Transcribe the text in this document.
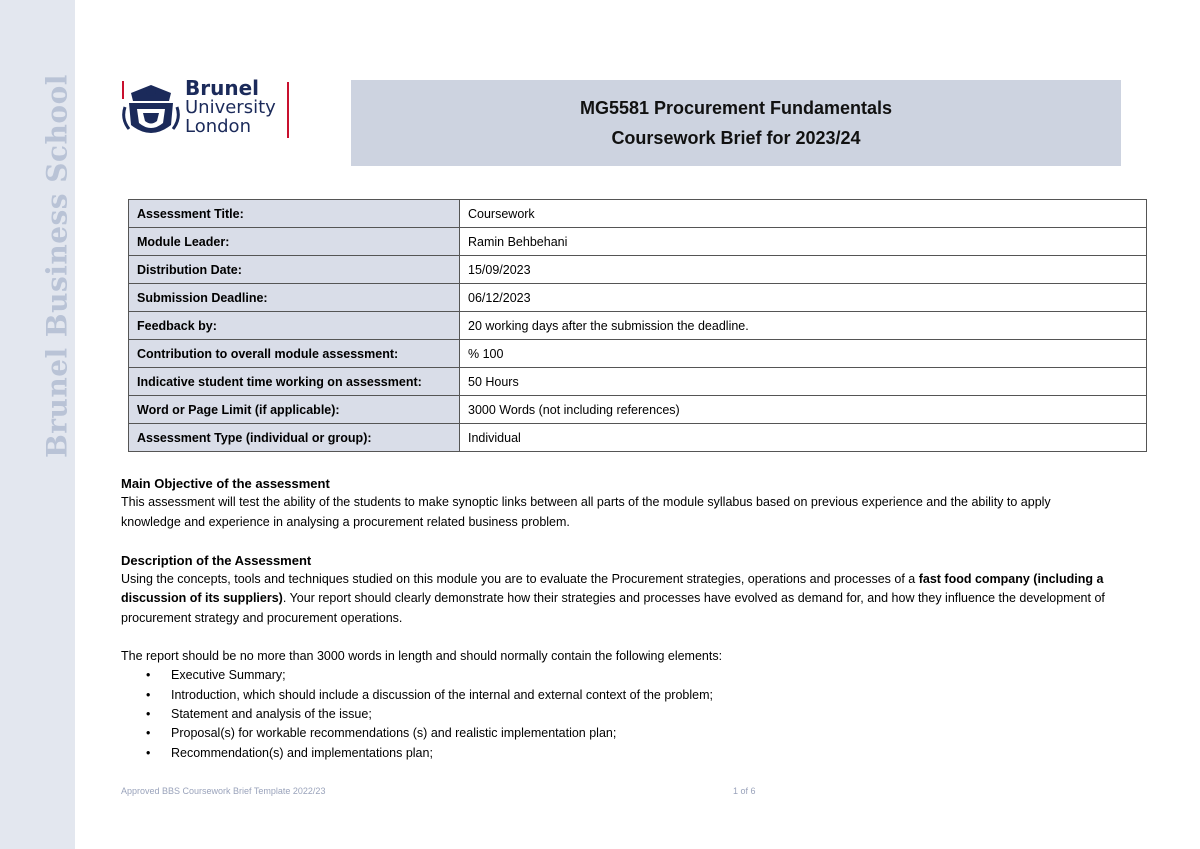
Brunel Business School	Brunel
University
London
MG5581 Procurement Fundamentals
Coursework Brief for 2023/24
Assessment Title:	Coursework
Module Leader:	Ramin Behbehani
Distribution Date:	15/09/2023
Submission Deadline:	06/12/2023
Feedback by:	20 working days after the submission the deadline.
Contribution to overall module assessment:	% 100
Indicative student time working on assessment:	50 Hours
Word or Page Limit (if applicable):	3000 Words (not including references)
Assessment Type (individual or group):	Individual
Main Objective of the assessment

This assessment will test the ability of the students to make synoptic links between all parts of the module syllabus based on previous experience and the ability to apply knowledge and experience in analysing a procurement related business problem.

Description of the Assessment

Using the concepts, tools and techniques studied on this module you are to evaluate the Procurement strategies, operations and processes of a fast food company (including a discussion of its suppliers). Your report should clearly demonstrate how their strategies and processes have evolved as demand for, and how they influence the development of procurement strategy and procurement operations.

The report should be no more than 3000 words in length and should normally contain the following elements:

• Executive Summary;
• Introduction, which should include a discussion of the internal and external context of the problem;
• Statement and analysis of the issue;
• Proposal(s) for workable recommendations (s) and realistic implementation plan;
• Recommendation(s) and implementations plan;
Approved BBS Coursework Brief Template 2022/23	1 of 6
